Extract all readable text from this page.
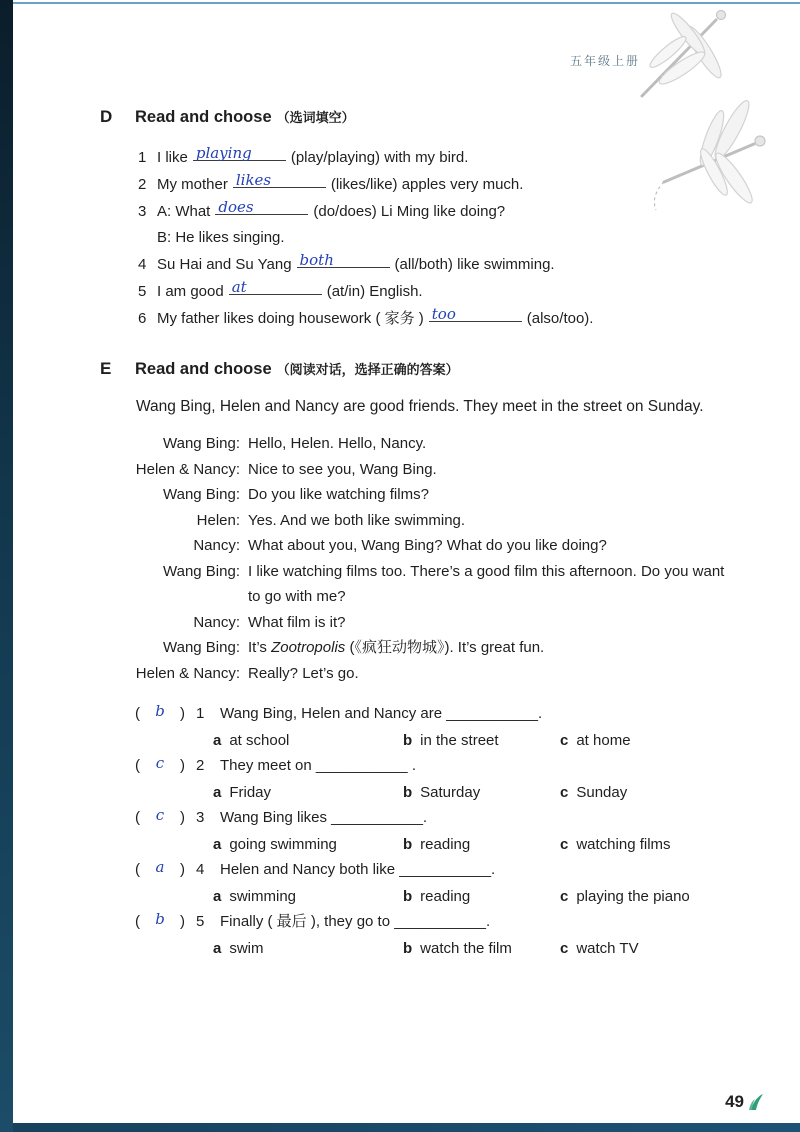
五年级上册
D	Read and choose （选词填空）
1 I like playing	(play/playing) with my bird.
2 My mother likes	(likes/like) apples very much.
3 A: What does	(do/does) Li Ming like doing?
B: He likes singing.
4 Su Hai and Su Yang both	(all/both) like swimming.
5 I am good at	(at/in) English.
6 My father likes doing housework ( 家务 ) too	(also/too).
E	Read and choose （阅读对话，选择正确的答案）

Wang Bing, Helen and Nancy are good friends. They meet in the street on Sunday.

Wang Bing: Hello, Helen. Hello, Nancy.
Helen & Nancy: Nice to see you, Wang Bing.
Wang Bing: Do you like watching films?
Helen: Yes. And we both like swimming.
Nancy: What about you, Wang Bing? What do you like doing?
Wang Bing: I like watching films too. There’s a good film this afternoon. Do you want to go with me?
Nancy: What film is it?
Wang Bing: It’s Zootropolis (《疯狂动物城》). It’s great fun.
Helen & Nancy: Really? Let’s go.
( b ) 1	Wang Bing, Helen and Nancy are ___________.
a at school	b in the street	c at home
( c ) 2	They meet on ___________ .
a Friday	b Saturday	c Sunday
( c ) 3	Wang Bing likes ___________.
a going swimming	b reading	c watching films
( a ) 4	Helen and Nancy both like ___________.
a swimming	b reading	c playing the piano
( b ) 5	Finally ( 最后 ), they go to ___________.
a swim	b watch the film	c watch TV
49
